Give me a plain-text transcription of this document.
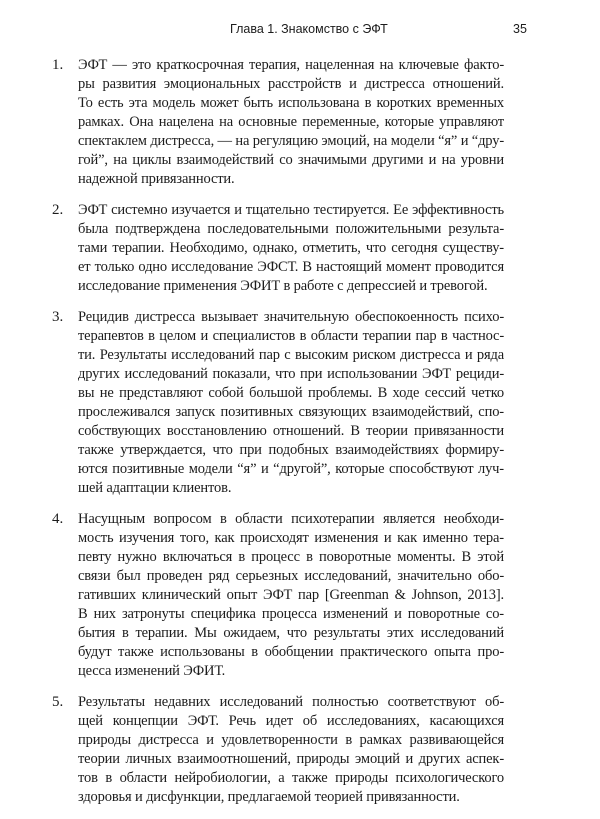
Глава 1. Знакомство с ЭФТ	35
1. ЭФТ — это краткосрочная терапия, нацеленная на ключевые факто-
ры развития эмоциональных расстройств и дистресса отношений.
То есть эта модель может быть использована в коротких временных
рамках. Она нацелена на основные переменные, которые управляют
спектаклем дистресса, — на регуляцию эмоций, на модели “я” и “дру-
гой”, на циклы взаимодействий со значимыми другими и на уровни
надежной привязанности.
2. ЭФТ системно изучается и тщательно тестируется. Ее эффективность
была подтверждена последовательными положительными результа-
тами терапии. Необходимо, однако, отметить, что сегодня существу-
ет только одно исследование ЭФСТ. В настоящий момент проводится
исследование применения ЭФИТ в работе с депрессией и тревогой.
3. Рецидив дистресса вызывает значительную обеспокоенность психо-
терапевтов в целом и специалистов в области терапии пар в частнос-
ти. Результаты исследований пар с высоким риском дистресса и ряда
других исследований показали, что при использовании ЭФТ рециди-
вы не представляют собой большой проблемы. В ходе сессий четко
прослеживался запуск позитивных связующих взаимодействий, спо-
собствующих восстановлению отношений. В теории привязанности
также утверждается, что при подобных взаимодействиях формиру-
ются позитивные модели “я” и “другой”, которые способствуют луч-
шей адаптации клиентов.
4. Насущным вопросом в области психотерапии является необходи-
мость изучения того, как происходят изменения и как именно тера-
певту нужно включаться в процесс в поворотные моменты. В этой
связи был проведен ряд серьезных исследований, значительно обо-
гативших клинический опыт ЭФТ пар [Greenman & Johnson, 2013].
В них затронуты специфика процесса изменений и поворотные со-
бытия в терапии. Мы ожидаем, что результаты этих исследований
будут также использованы в обобщении практического опыта про-
цесса изменений ЭФИТ.
5. Результаты недавних исследований полностью соответствуют об-
щей концепции ЭФТ. Речь идет об исследованиях, касающихся
природы дистресса и удовлетворенности в рамках развивающейся
теории личных взаимоотношений, природы эмоций и других аспек-
тов в области нейробиологии, а также природы психологического
здоровья и дисфункции, предлагаемой теорией привязанности.
